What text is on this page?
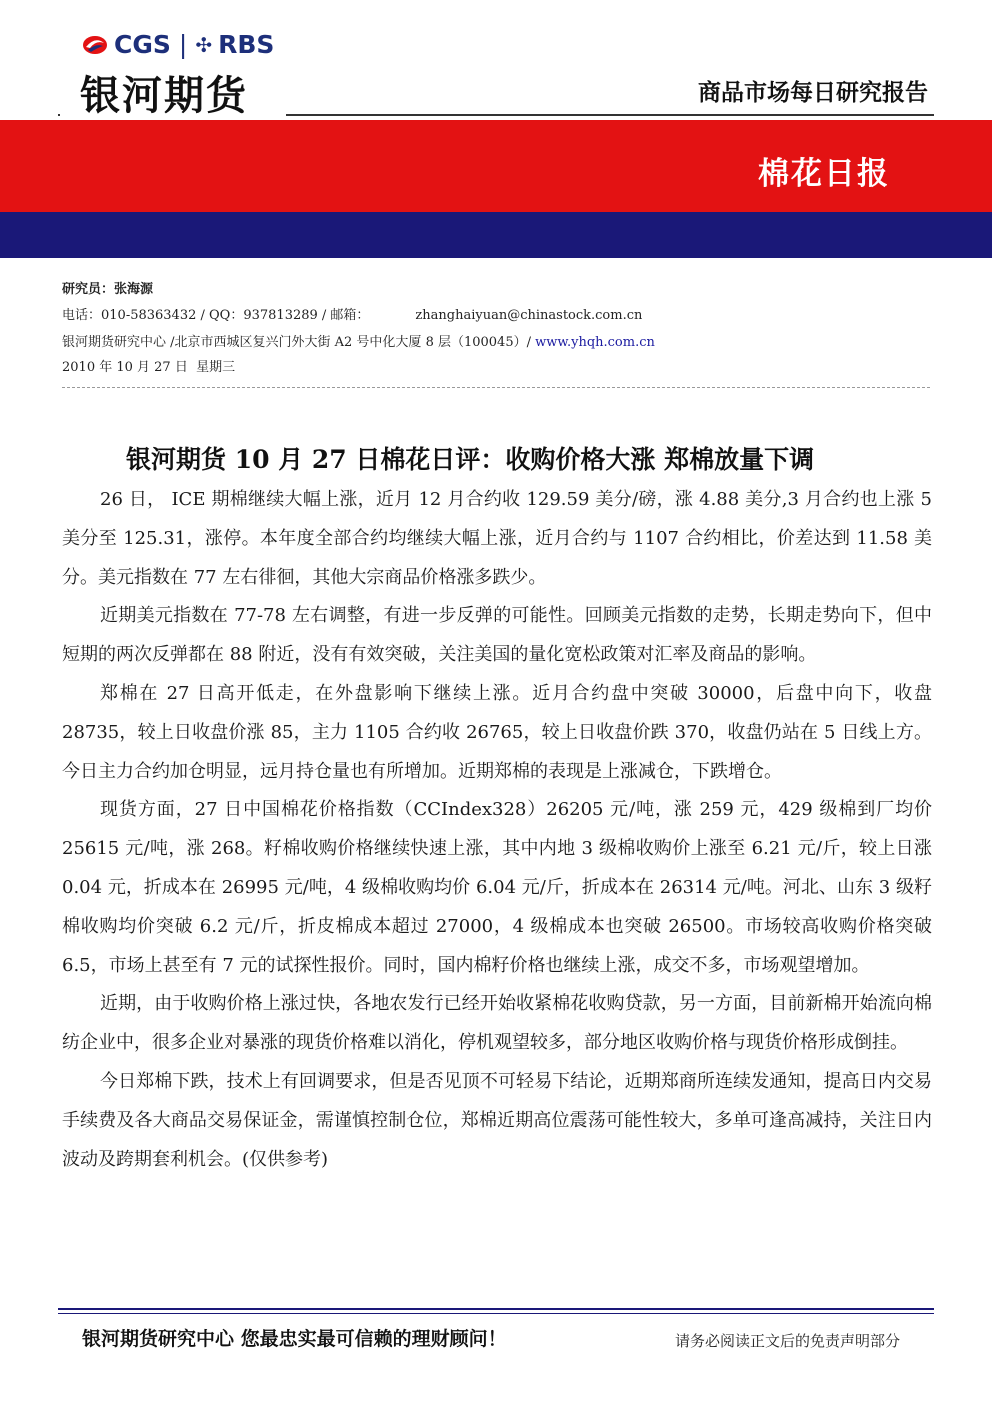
CGS | ✣ RBS
银河期货	商品市场每日研究报告
棉花日报
研究员：张海源
电话：010-58363432 / QQ：937813289 / 邮箱：	zhanghaiyuan@chinastock.com.cn
银河期货研究中心 /北京市西城区复兴门外大街 A2 号中化大厦 8 层（100045）/ www.yhqh.com.cn
2010 年 10 月 27 日  星期三
银河期货 10 月 27 日棉花日评：收购价格大涨 郑棉放量下调

26 日， ICE 期棉继续大幅上涨，近月 12 月合约收 129.59 美分/磅，涨 4.88 美分,3 月合约也上涨 5 美分至 125.31，涨停。本年度全部合约均继续大幅上涨，近月合约与 1107 合约相比，价差达到 11.58 美分。美元指数在 77 左右徘徊，其他大宗商品价格涨多跌少。

近期美元指数在 77-78 左右调整，有进一步反弹的可能性。回顾美元指数的走势，长期走势向下，但中短期的两次反弹都在 88 附近，没有有效突破，关注美国的量化宽松政策对汇率及商品的影响。

郑棉在 27 日高开低走，在外盘影响下继续上涨。近月合约盘中突破 30000，后盘中向下，收盘 28735，较上日收盘价涨 85，主力 1105 合约收 26765，较上日收盘价跌 370，收盘仍站在 5 日线上方。今日主力合约加仓明显，远月持仓量也有所增加。近期郑棉的表现是上涨减仓，下跌增仓。

现货方面，27 日中国棉花价格指数（CCIndex328）26205 元/吨，涨 259 元，429 级棉到厂均价 25615 元/吨，涨 268。籽棉收购价格继续快速上涨，其中内地 3 级棉收购价上涨至 6.21 元/斤，较上日涨 0.04 元，折成本在 26995 元/吨，4 级棉收购均价 6.04 元/斤，折成本在 26314 元/吨。河北、山东 3 级籽棉收购均价突破 6.2 元/斤，折皮棉成本超过 27000，4 级棉成本也突破 26500。市场较高收购价格突破 6.5，市场上甚至有 7 元的试探性报价。同时，国内棉籽价格也继续上涨，成交不多，市场观望增加。

近期，由于收购价格上涨过快，各地农发行已经开始收紧棉花收购贷款，另一方面，目前新棉开始流向棉纺企业中，很多企业对暴涨的现货价格难以消化，停机观望较多，部分地区收购价格与现货价格形成倒挂。

今日郑棉下跌，技术上有回调要求，但是否见顶不可轻易下结论，近期郑商所连续发通知，提高日内交易手续费及各大商品交易保证金，需谨慎控制仓位，郑棉近期高位震荡可能性较大，多单可逢高减持，关注日内波动及跨期套利机会。(仅供参考)

银河期货研究中心 您最忠实最可信赖的理财顾问！	请务必阅读正文后的免责声明部分
